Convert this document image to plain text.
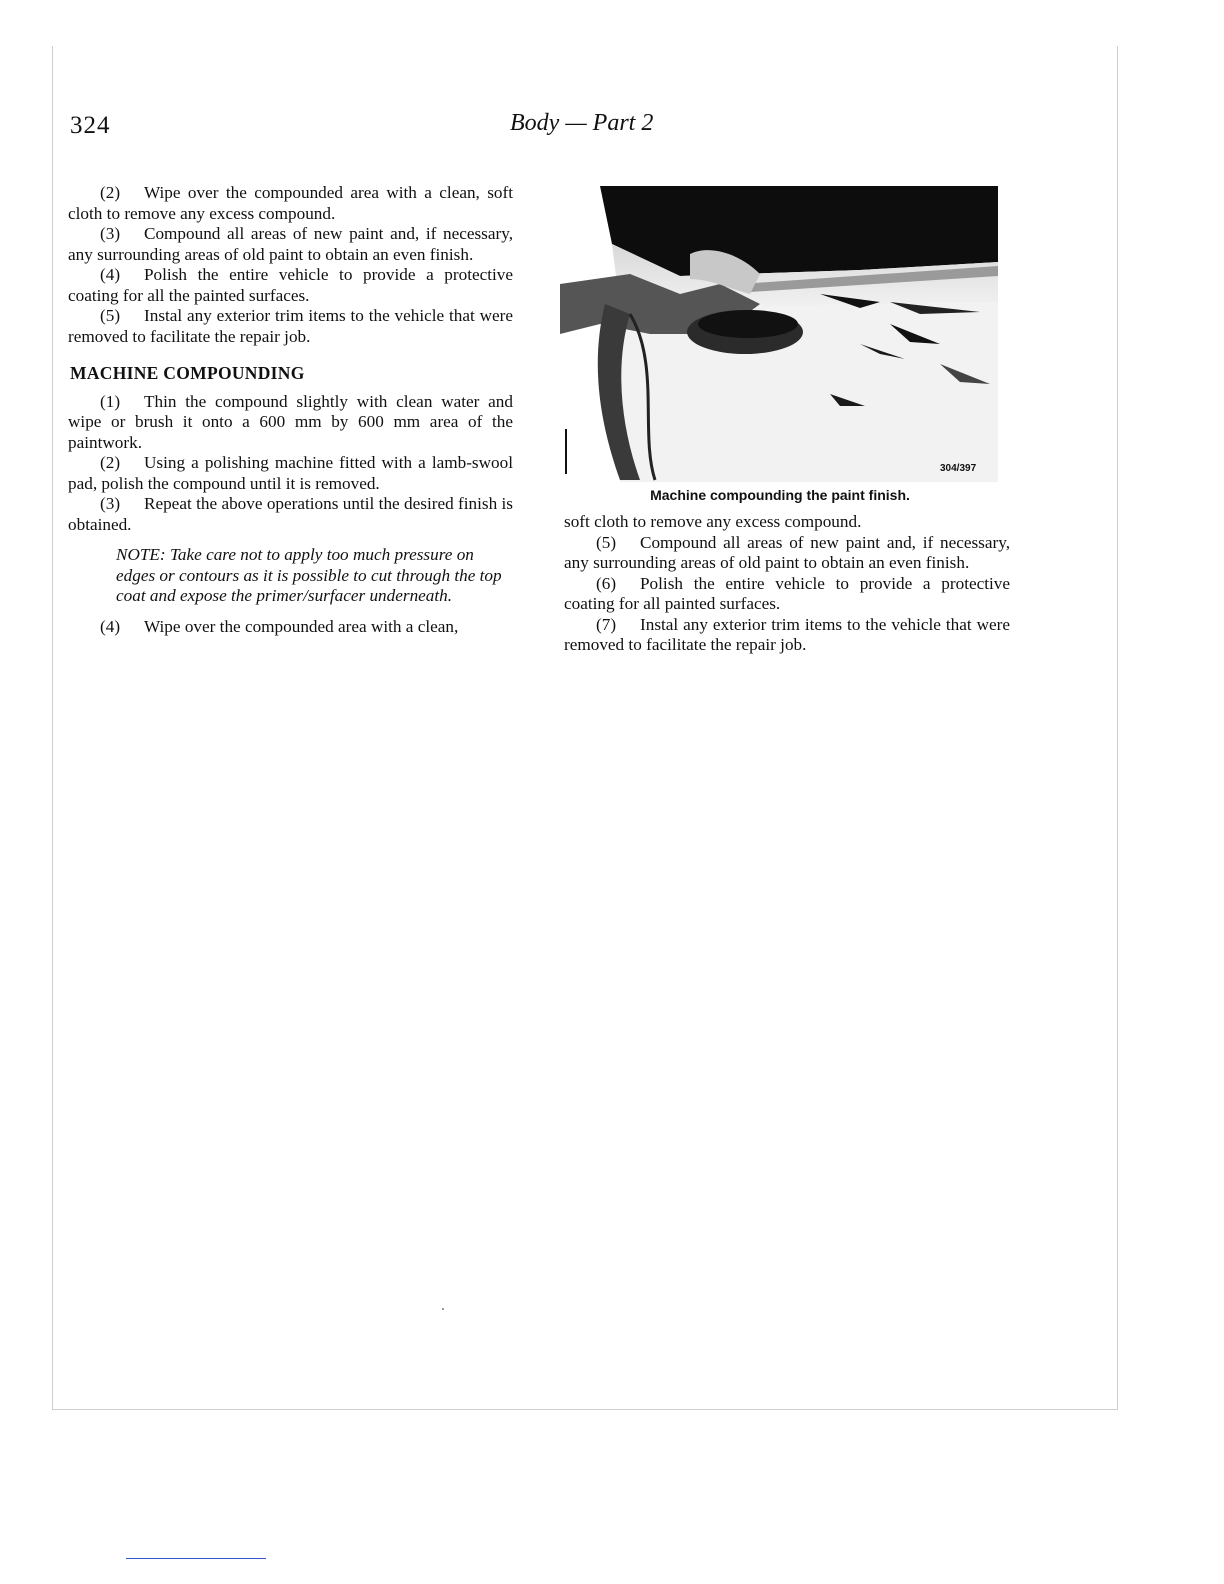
324	Body — Part 2

(2) Wipe over the compounded area with a clean, soft cloth to remove any excess compound.

(3) Compound all areas of new paint and, if necessary, any surrounding areas of old paint to obtain an even finish.

(4) Polish the entire vehicle to provide a protective coating for all the painted surfaces.

(5) Instal any exterior trim items to the vehicle that were removed to facilitate the repair job.

MACHINE COMPOUNDING

(1) Thin the compound slightly with clean water and wipe or brush it onto a 600 mm by 600 mm area of the paintwork.

(2) Using a polishing machine fitted with a lamb-swool pad, polish the compound until it is removed.

(3) Repeat the above operations until the desired finish is obtained.

NOTE: Take care not to apply too much pressure on edges or contours as it is possible to cut through the top coat and expose the primer/surfacer underneath.

(4) Wipe over the compounded area with a clean,

304/397
Machine compounding the paint finish.

soft cloth to remove any excess compound.

(5) Compound all areas of new paint and, if necessary, any surrounding areas of old paint to obtain an even finish.

(6) Polish the entire vehicle to provide a protective coating for all painted surfaces.

(7) Instal any exterior trim items to the vehicle that were removed to facilitate the repair job.
